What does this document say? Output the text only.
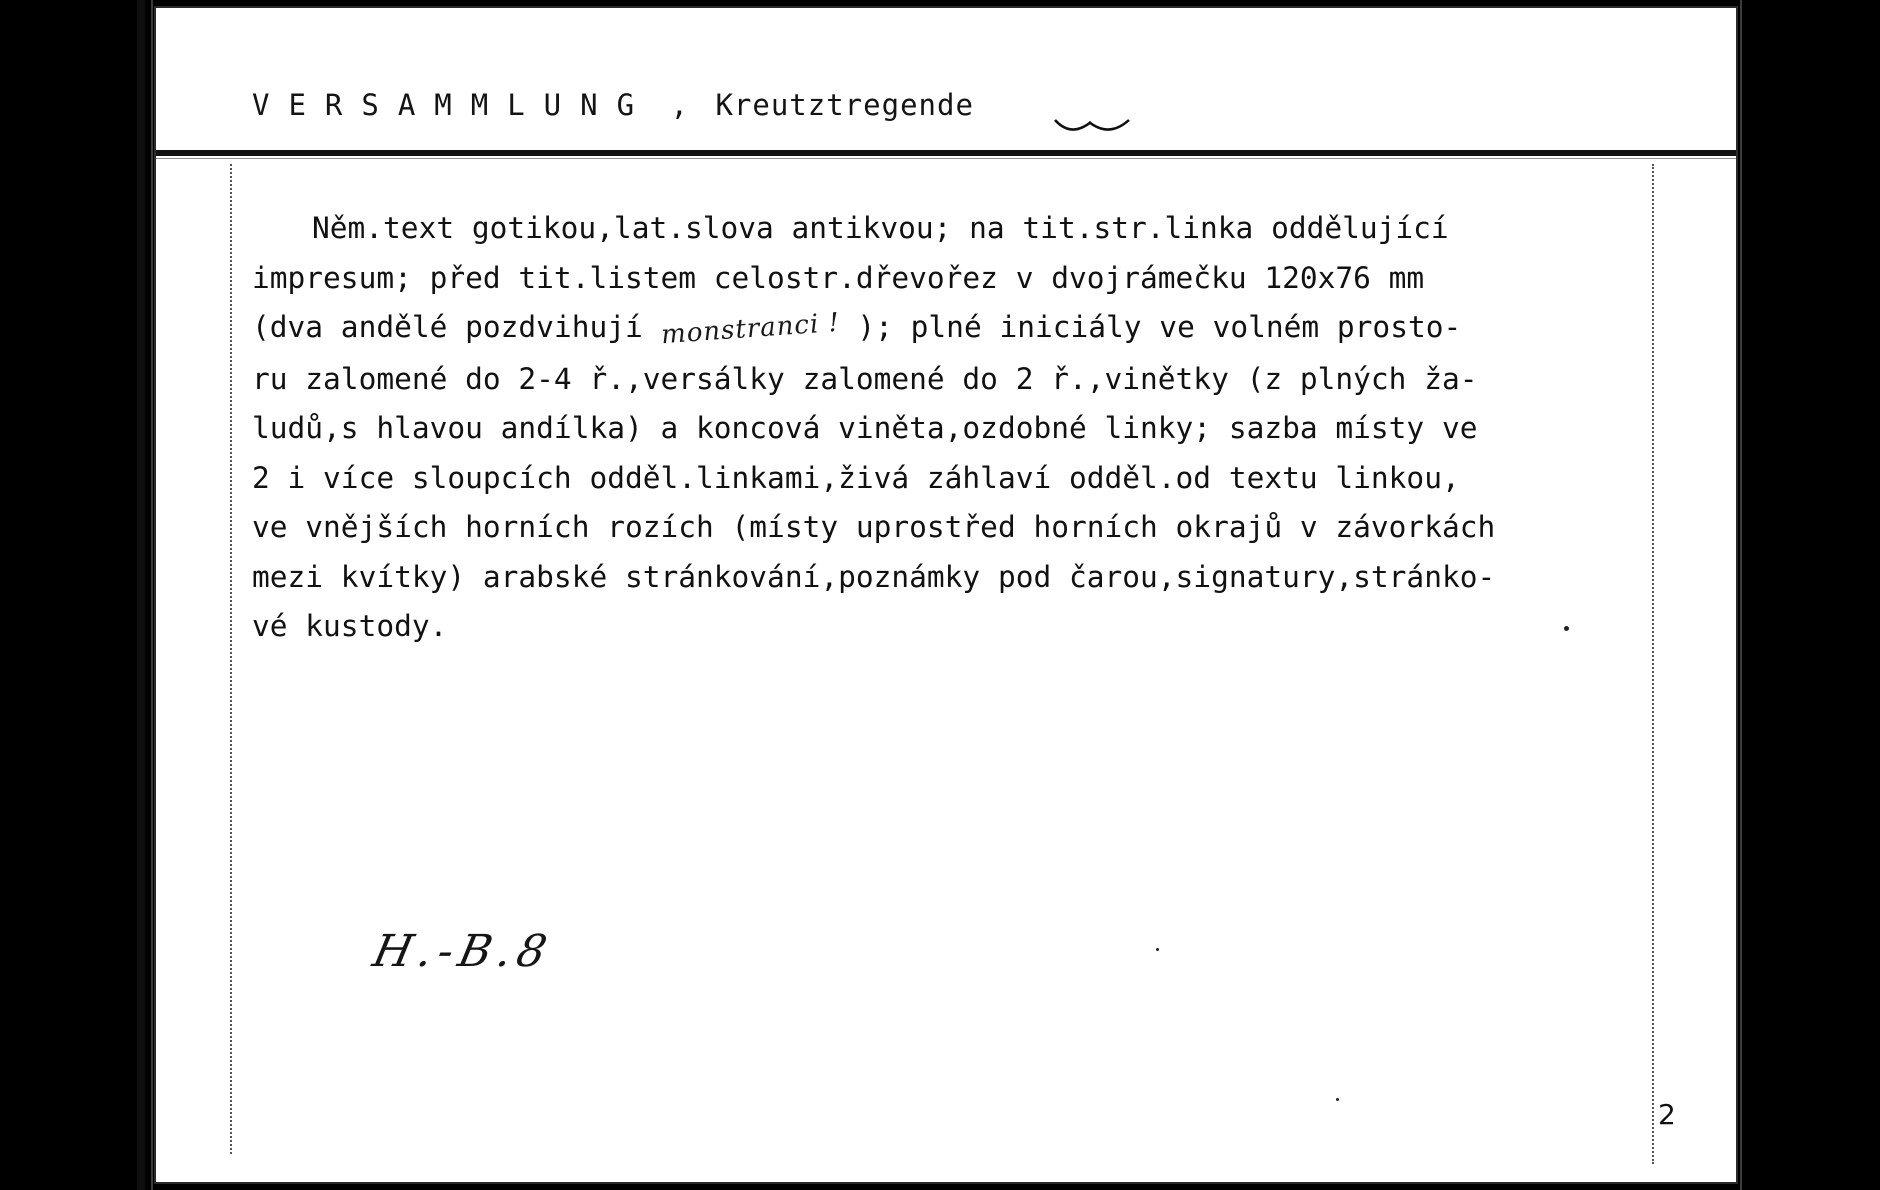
VERSAMMLUNG , Kreutztregende
Něm.text gotikou,lat.slova antikvou; na tit.str.linka oddělující
impresum; před tit.listem celostr.dřevořez v dvojrámečku 120x76 mm
(dva andělé pozdvihují monstranci ! ); plné iniciály ve volném prosto-
ru zalomené do 2-4 ř.,versálky zalomené do 2 ř.,vinětky (z plných ža-
ludů,s hlavou andílka) a koncová viněta,ozdobné linky; sazba místy ve
2 i více sloupcích odděl.linkami,živá záhlaví odděl.od textu linkou,
ve vnějších horních rozích (místy uprostřed horních okrajů v závorkách
mezi kvítky) arabské stránkování,poznámky pod čarou,signatury,stránko-
vé kustody.
H.-B.8
2
